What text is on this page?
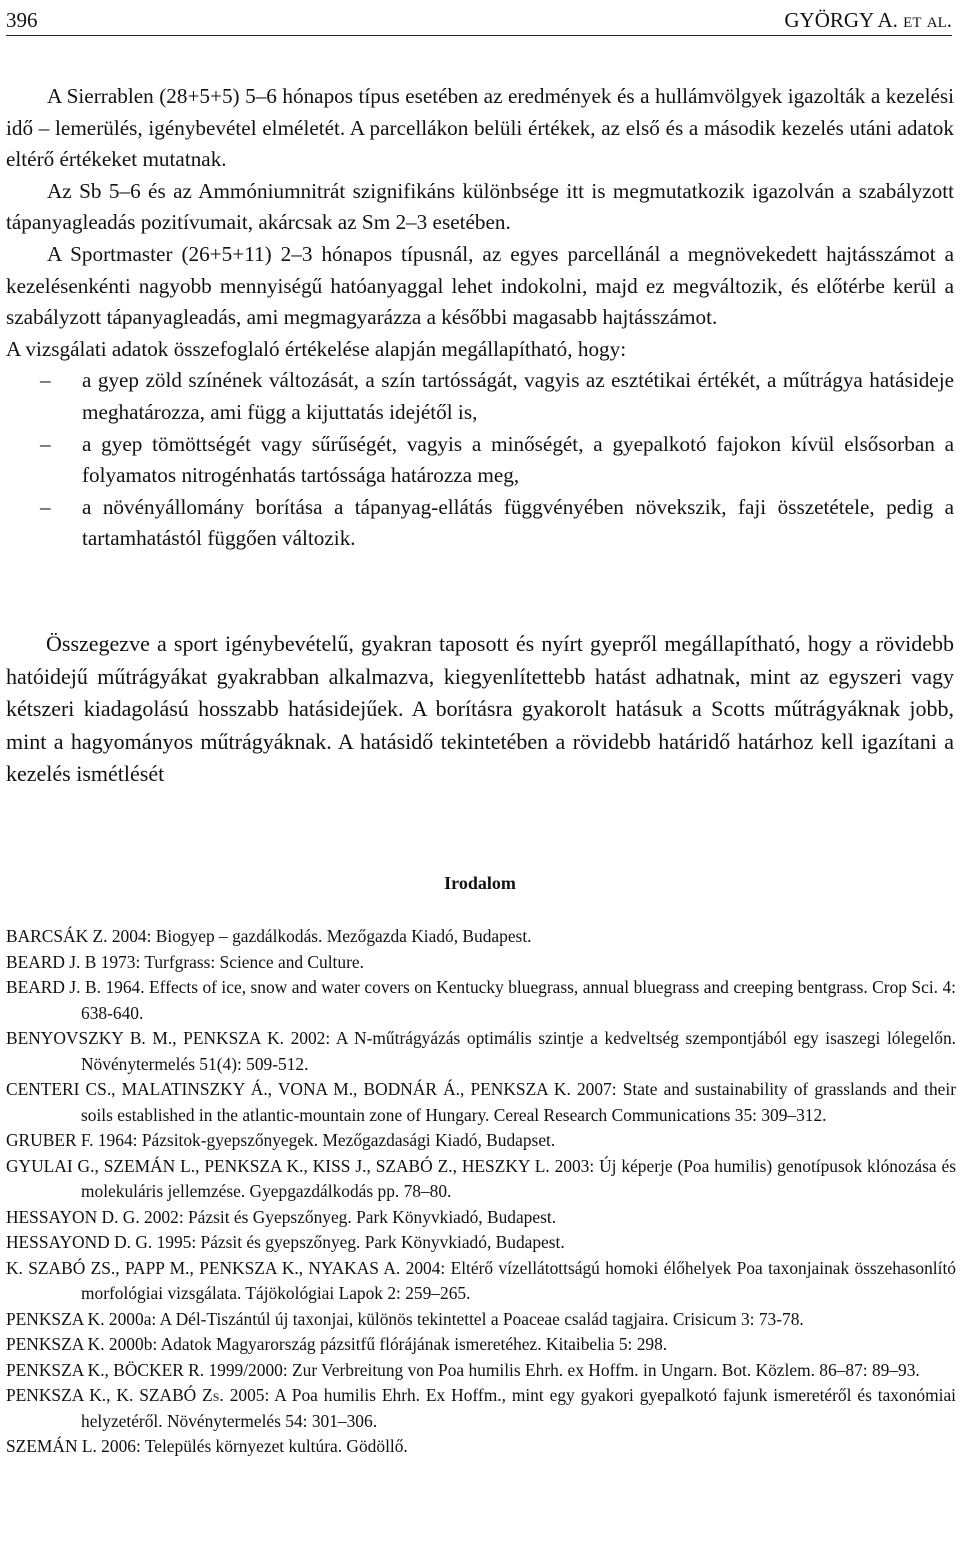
396	GYÖRGY A. et al.

A Sierrablen (28+5+5) 5–6 hónapos típus esetében az eredmények és a hullámvölgyek igazolták a kezelési idő – lemerülés, igénybevétel elméletét. A parcellákon belüli értékek, az első és a második kezelés utáni adatok eltérő értékeket mutatnak.

Az Sb 5–6 és az Ammóniumnitrát szignifikáns különbsége itt is megmutatkozik igazolván a szabályzott tápanyagleadás pozitívumait, akárcsak az Sm 2–3 esetében.

A Sportmaster (26+5+11) 2–3 hónapos típusnál, az egyes parcellánál a megnövekedett hajtásszámot a kezelésenkénti nagyobb mennyiségű hatóanyaggal lehet indokolni, majd ez megváltozik, és előtérbe kerül a szabályzott tápanyagleadás, ami megmagyarázza a későbbi magasabb hajtásszámot.

A vizsgálati adatok összefoglaló értékelése alapján megállapítható, hogy:

– a gyep zöld színének változását, a szín tartósságát, vagyis az esztétikai értékét, a műtrágya hatásideje meghatározza, ami függ a kijuttatás idejétől is,
– a gyep tömöttségét vagy sűrűségét, vagyis a minőségét, a gyepalkotó fajokon kívül elsősorban a folyamatos nitrogénhatás tartóssága határozza meg,
– a növényállomány borítása a tápanyag-ellátás függvényében növekszik, faji összetétele, pedig a tartamhatástól függően változik.

Összegezve a sport igénybevételű, gyakran taposott és nyírt gyepről megállapítható, hogy a rövidebb hatóidejű műtrágyákat gyakrabban alkalmazva, kiegyenlítettebb hatást adhatnak, mint az egyszeri vagy kétszeri kiadagolású hosszabb hatásidejűek. A borításra gyakorolt hatásuk a Scotts műtrágyáknak jobb, mint a hagyományos műtrágyáknak. A hatásidő tekintetében a rövidebb határidő határhoz kell igazítani a kezelés ismétlését

Irodalom

BARCSÁK Z. 2004: Biogyep – gazdálkodás. Mezőgazda Kiadó, Budapest.

BEARD J. B 1973: Turfgrass: Science and Culture.

BEARD J. B. 1964. Effects of ice, snow and water covers on Kentucky bluegrass, annual bluegrass and creeping bentgrass. Crop Sci. 4: 638-640.

BENYOVSZKY B. M., PENKSZA K. 2002: A N-műtrágyázás optimális szintje a kedveltség szempontjából egy isaszegi lólegelőn. Növénytermelés 51(4): 509-512.

CENTERI CS., MALATINSZKY Á., VONA M., BODNÁR Á., PENKSZA K. 2007: State and sustainability of grasslands and their soils established in the atlantic-mountain zone of Hungary. Cereal Research Communications 35: 309–312.

GRUBER F. 1964: Pázsitok-gyepszőnyegek. Mezőgazdasági Kiadó, Budapset.

GYULAI G., SZEMÁN L., PENKSZA K., KISS J., SZABÓ Z., HESZKY L. 2003: Új képerje (Poa humilis) genotípusok klónozása és molekuláris jellemzése. Gyepgazdálkodás pp. 78–80.

HESSAYON D. G. 2002: Pázsit és Gyepszőnyeg. Park Könyvkiadó, Budapest.

HESSAYOND D. G. 1995: Pázsit és gyepszőnyeg. Park Könyvkiadó, Budapest.

K. SZABÓ ZS., PAPP M., PENKSZA K., NYAKAS A. 2004: Eltérő vízellátottságú homoki élőhelyek Poa taxonjainak összehasonlító morfológiai vizsgálata. Tájökológiai Lapok 2: 259–265.

PENKSZA K. 2000a: A Dél-Tiszántúl új taxonjai, különös tekintettel a Poaceae család tagjaira. Crisicum 3: 73-78.

PENKSZA K. 2000b: Adatok Magyarország pázsitfű flórájának ismeretéhez. Kitaibelia 5: 298.

PENKSZA K., BÖCKER R. 1999/2000: Zur Verbreitung von Poa humilis Ehrh. ex Hoffm. in Ungarn. Bot. Közlem. 86–87: 89–93.

PENKSZA K., K. SZABÓ Zs. 2005: A Poa humilis Ehrh. Ex Hoffm., mint egy gyakori gyepalkotó fajunk ismeretéről és taxonómiai helyzetéről. Növénytermelés 54: 301–306.

SZEMÁN L. 2006: Település környezet kultúra. Gödöllő.
